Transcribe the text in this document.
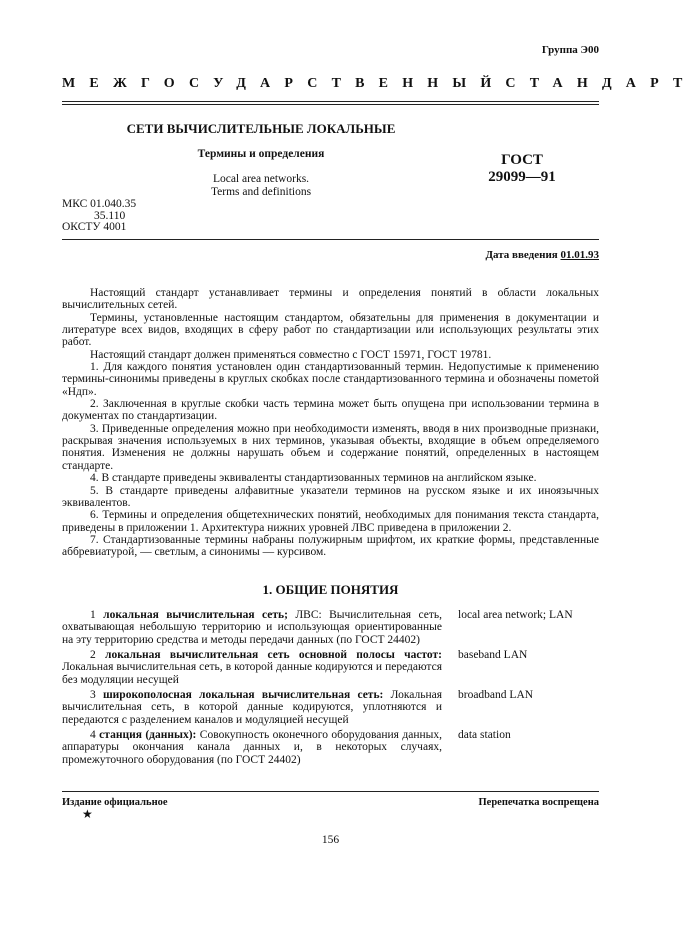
Группа Э00
МЕЖГОСУДАРСТВЕННЫЙ СТАНДАРТ
СЕТИ ВЫЧИСЛИТЕЛЬНЫЕ ЛОКАЛЬНЫЕ
Термины и определения
Local area networks.
Terms and definitions
ГОСТ
29099—91
МКС 01.040.35
35.110
ОКСТУ 4001
Дата введения 01.01.93

Настоящий стандарт устанавливает термины и определения понятий в области локальных вычислительных сетей.

Термины, установленные настоящим стандартом, обязательны для применения в документации и литературе всех видов, входящих в сферу работ по стандартизации или использующих результаты этих работ.

Настоящий стандарт должен применяться совместно с ГОСТ 15971, ГОСТ 19781.

1. Для каждого понятия установлен один стандартизованный термин. Недопустимые к применению термины-синонимы приведены в круглых скобках после стандартизованного термина и обозначены пометой «Ндп».

2. Заключенная в круглые скобки часть термина может быть опущена при использовании термина в документах по стандартизации.

3. Приведенные определения можно при необходимости изменять, вводя в них производные признаки, раскрывая значения используемых в них терминов, указывая объекты, входящие в объем определяемого понятия. Изменения не должны нарушать объем и содержание понятий, определенных в настоящем стандарте.

4. В стандарте приведены эквиваленты стандартизованных терминов на английском языке.

5. В стандарте приведены алфавитные указатели терминов на русском языке и их иноязычных эквивалентов.

6. Термины и определения общетехнических понятий, необходимых для понимания текста стандарта, приведены в приложении 1. Архитектура нижних уровней ЛВС приведена в приложении 2.

7. Стандартизованные термины набраны полужирным шрифтом, их краткие формы, представленные аббревиатурой, — светлым, а синонимы — курсивом.

1. ОБЩИЕ ПОНЯТИЯ
1 локальная вычислительная сеть; ЛВС: Вычислительная сеть, охватывающая небольшую территорию и использующая ориентированные на эту территорию средства и методы передачи данных (по ГОСТ 24402)
local area network; LAN
2 локальная вычислительная сеть основной полосы частот: Локальная вычислительная сеть, в которой данные кодируются и передаются без модуляции несущей
baseband LAN
3 широкополосная локальная вычислительная сеть: Локальная вычислительная сеть, в которой данные кодируются, уплотняются и передаются с разделением каналов и модуляцией несущей
broadband LAN
4 станция (данных): Совокупность оконечного оборудования данных, аппаратуры окончания канала данных и, в некоторых случаях, промежуточного оборудования (по ГОСТ 24402)
data station
Издание официальное	Перепечатка воспрещена
★
156
